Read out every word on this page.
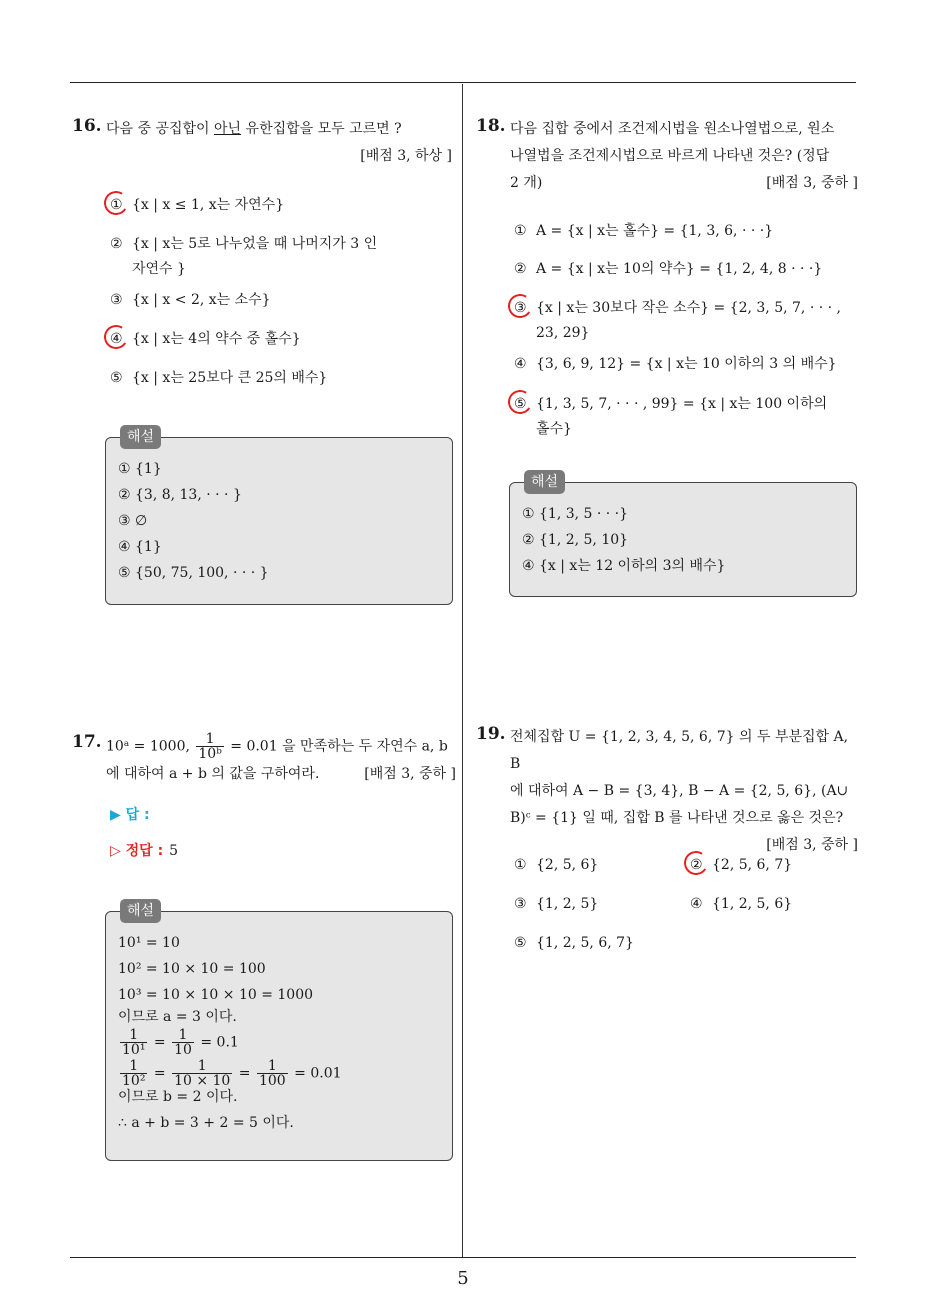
5
16. 다음 중 공집합이 아닌 유한집합을 모두 고르면 ?
[배점 3, 하상 ]
① {x | x ≤ 1, x는 자연수}
② {x | x는 5로 나누었을 때 나머지가 3 인
자연수 }
③ {x | x < 2, x는 소수}
④ {x | x는 4의 약수 중 홀수}
⑤ {x | x는 25보다 큰 25의 배수}
해설
① {1}
② {3, 8, 13, · · · }
③ ∅
④ {1}
⑤ {50, 75, 100, · · · }
17. 10ᵃ = 1000, $\frac{1}{\text{10ᵇ}} = 0.01$ 을 만족하는 두 자연수 a, b
에 대하여 a + b 의 값을 구하여라.	[배점 3, 중하 ]
▶ 답 :
▷ 정답 : 5
해설
10¹ = 10
10² = 10 × 10 = 100
10³ = 10 × 10 × 10 = 1000
이므로 a = 3 이다.
$\frac{1}{\text{10¹}} = \frac{1}{10} = 0.1$
$\frac{1}{\text{10²}} = \frac{1}{10 \times 10} = \frac{1}{100} = 0.01$
이므로 b = 2 이다.
∴ a + b = 3 + 2 = 5 이다.
18. 다음 집합 중에서 조건제시법을 원소나열법으로, 원소
나열법을 조건제시법으로 바르게 나타낸 것은? (정답
2 개)	[배점 3, 중하 ]
① A = {x | x는 홀수} = {1, 3, 6, · · ·}
② A = {x | x는 10의 약수} = {1, 2, 4, 8 · · ·}
③ {x | x는 30보다 작은 소수} = {2, 3, 5, 7, · · · ,
23, 29}
④ {3, 6, 9, 12} = {x | x는 10 이하의 3 의 배수}
⑤ {1, 3, 5, 7, · · · , 99} = {x | x는 100 이하의
홀수}
해설
① {1, 3, 5 · · ·}
② {1, 2, 5, 10}
④ {x | x는 12 이하의 3의 배수}
19. 전체집합 U = {1, 2, 3, 4, 5, 6, 7} 의 두 부분집합 A, B
에 대하여 A − B = {3, 4}, B − A = {2, 5, 6}, (A∪
B)ᶜ = {1} 일 때, 집합 B 를 나타낸 것으로 옳은 것은?
[배점 3, 중하 ]
① {2, 5, 6}	② {2, 5, 6, 7}
③ {1, 2, 5}	④ {1, 2, 5, 6}
⑤ {1, 2, 5, 6, 7}
